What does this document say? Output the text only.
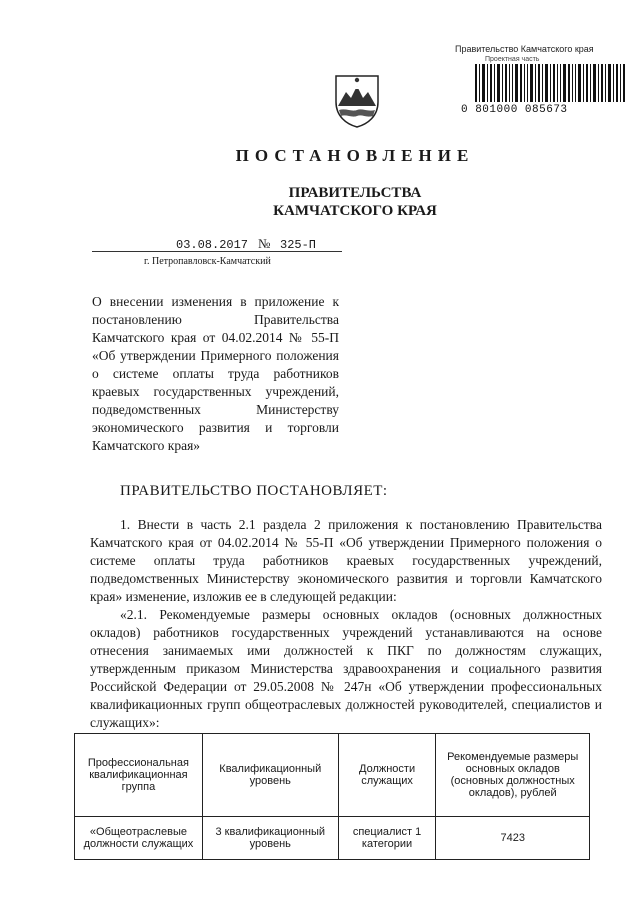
Правительство Камчатского края
Проектная часть
0 801000 085673
ПОСТАНОВЛЕНИЕ
ПРАВИТЕЛЬСТВА
КАМЧАТСКОГО КРАЯ
03.08.2017 № 325-П
г. Петропавловск-Камчатский
О внесении изменения в приложение к постановлению Правительства Камчатского края от 04.02.2014 № 55-П «Об утверждении Примерного положения о системе оплаты труда работников краевых государственных учреждений, подведомственных Министерству экономического развития и торговли Камчатского края»
ПРАВИТЕЛЬСТВО ПОСТАНОВЛЯЕТ:

1. Внести в часть 2.1 раздела 2 приложения к постановлению Правительства Камчатского края от 04.02.2014 № 55-П «Об утверждении Примерного положения о системе оплаты труда работников краевых государственных учреждений, подведомственных Министерству экономического развития и торговли Камчатского края» изменение, изложив ее в следующей редакции:

«2.1. Рекомендуемые размеры основных окладов (основных должностных окладов) работников государственных учреждений устанавливаются на основе отнесения занимаемых ими должностей к ПКГ по должностям служащих, утвержденным приказом Министерства здравоохранения и социального развития Российской Федерации от 29.05.2008 № 247н «Об утверждении профессиональных квалификационных групп общеотраслевых должностей руководителей, специалистов и служащих»:

Профессиональная квалификационная группа	Квалификационный уровень	Должности служащих	Рекомендуемые размеры основных окладов (основных должностных окладов), рублей
«Общеотраслевые должности служащих	3 квалификационный уровень	специалист 1 категории	7423
